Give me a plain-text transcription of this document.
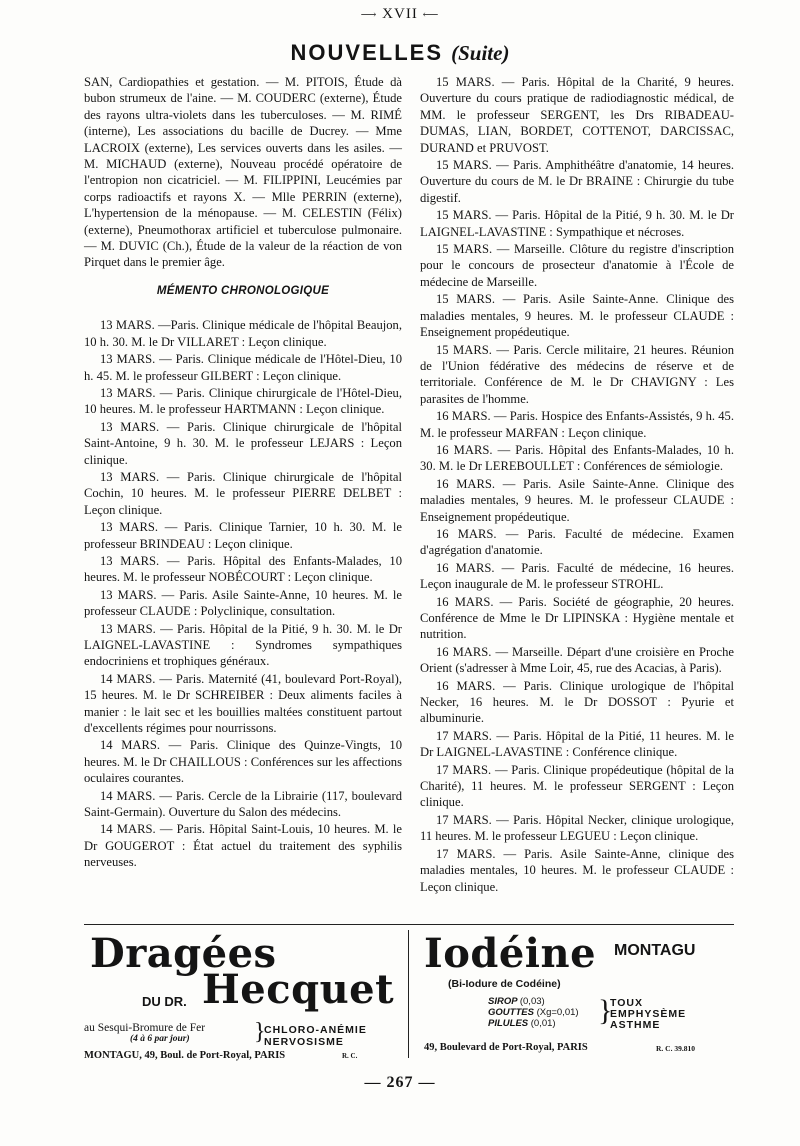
⟶ XVII ⟵
NOUVELLES (Suite)

SAN, Cardiopathies et gestation. — M. PITOIS, Étude dà bubon strumeux de l'aine. — M. COUDERC (externe), Étude des rayons ultra-violets dans les tuberculoses. — M. RIMÉ (interne), Les associations du bacille de Ducrey. — Mme LACROIX (externe), Les services ouverts dans les asiles. — M. MICHAUD (externe), Nouveau procédé opératoire de l'entropion non cicatriciel. — M. FILIPPINI, Leucémies par corps radioactifs et rayons X. — Mlle PERRIN (externe), L'hypertension de la ménopause. — M. CELESTIN (Félix) (externe), Pneumothorax artificiel et tuberculose pulmonaire. — M. DUVIC (Ch.), Étude de la valeur de la réaction de von Pirquet dans le premier âge.

MÉMENTO CHRONOLOGIQUE

13 MARS. —Paris. Clinique médicale de l'hôpital Beaujon, 10 h. 30. M. le Dr VILLARET : Leçon clinique.

13 MARS. — Paris. Clinique médicale de l'Hôtel-Dieu, 10 h. 45. M. le professeur GILBERT : Leçon clinique.

13 MARS. — Paris. Clinique chirurgicale de l'Hôtel-Dieu, 10 heures. M. le professeur HARTMANN : Leçon clinique.

13 MARS. — Paris. Clinique chirurgicale de l'hôpital Saint-Antoine, 9 h. 30. M. le professeur LEJARS : Leçon clinique.

13 MARS. — Paris. Clinique chirurgicale de l'hôpital Cochin, 10 heures. M. le professeur PIERRE DELBET : Leçon clinique.

13 MARS. — Paris. Clinique Tarnier, 10 h. 30. M. le professeur BRINDEAU : Leçon clinique.

13 MARS. — Paris. Hôpital des Enfants-Malades, 10 heures. M. le professeur NOBÉCOURT : Leçon clinique.

13 MARS. — Paris. Asile Sainte-Anne, 10 heures. M. le professeur CLAUDE : Polyclinique, consultation.

13 MARS. — Paris. Hôpital de la Pitié, 9 h. 30. M. le Dr LAIGNEL-LAVASTINE : Syndromes sympathiques endocriniens et trophiques généraux.

14 MARS. — Paris. Maternité (41, boulevard Port-Royal), 15 heures. M. le Dr SCHREIBER : Deux aliments faciles à manier : le lait sec et les bouillies maltées constituent partout d'excellents régimes pour nourrissons.

14 MARS. — Paris. Clinique des Quinze-Vingts, 10 heures. M. le Dr CHAILLOUS : Conférences sur les affections oculaires courantes.

14 MARS. — Paris. Cercle de la Librairie (117, boulevard Saint-Germain). Ouverture du Salon des médecins.

14 MARS. — Paris. Hôpital Saint-Louis, 10 heures. M. le Dr GOUGEROT : État actuel du traitement des syphilis nerveuses.

15 MARS. — Paris. Hôpital de la Charité, 9 heures. Ouverture du cours pratique de radiodiagnostic médical, de MM. le professeur SERGENT, les Drs RIBADEAU-DUMAS, LIAN, BORDET, COTTENOT, DARCISSAC, DURAND et PRUVOST.

15 MARS. — Paris. Amphithéâtre d'anatomie, 14 heures. Ouverture du cours de M. le Dr BRAINE : Chirurgie du tube digestif.

15 MARS. — Paris. Hôpital de la Pitié, 9 h. 30. M. le Dr LAIGNEL-LAVASTINE : Sympathique et nécroses.

15 MARS. — Marseille. Clôture du registre d'inscription pour le concours de prosecteur d'anatomie à l'École de médecine de Marseille.

15 MARS. — Paris. Asile Sainte-Anne. Clinique des maladies mentales, 9 heures. M. le professeur CLAUDE : Enseignement propédeutique.

15 MARS. — Paris. Cercle militaire, 21 heures. Réunion de l'Union fédérative des médecins de réserve et de territoriale. Conférence de M. le Dr CHAVIGNY : Les parasites de l'homme.

16 MARS. — Paris. Hospice des Enfants-Assistés, 9 h. 45. M. le professeur MARFAN : Leçon clinique.

16 MARS. — Paris. Hôpital des Enfants-Malades, 10 h. 30. M. le Dr LEREBOULLET : Conférences de sémiologie.

16 MARS. — Paris. Asile Sainte-Anne. Clinique des maladies mentales, 9 heures. M. le professeur CLAUDE : Enseignement propédeutique.

16 MARS. — Paris. Faculté de médecine. Examen d'agrégation d'anatomie.

16 MARS. — Paris. Faculté de médecine, 16 heures. Leçon inaugurale de M. le professeur STROHL.

16 MARS. — Paris. Société de géographie, 20 heures. Conférence de Mme le Dr LIPINSKA : Hygiène mentale et nutrition.

16 MARS. — Marseille. Départ d'une croisière en Proche Orient (s'adresser à Mme Loir, 45, rue des Acacias, à Paris).

16 MARS. — Paris. Clinique urologique de l'hôpital Necker, 16 heures. M. le Dr DOSSOT : Pyurie et albuminurie.

17 MARS. — Paris. Hôpital de la Pitié, 11 heures. M. le Dr LAIGNEL-LAVASTINE : Conférence clinique.

17 MARS. — Paris. Clinique propédeutique (hôpital de la Charité), 11 heures. M. le professeur SERGENT : Leçon clinique.

17 MARS. — Paris. Hôpital Necker, clinique urologique, 11 heures. M. le professeur LEGUEU : Leçon clinique.

17 MARS. — Paris. Asile Sainte-Anne, clinique des maladies mentales, 10 heures. M. le professeur CLAUDE : Leçon clinique.

Dragées
DU DR. Hecquet
au Sesqui-Bromure de Fer
(4 à 6 par jour)	}
CHLORO-ANÉMIE
NERVOSISME
MONTAGU, 49, Boul. de Port-Royal, PARIS	R. C.
Iodéine MONTAGU
(Bi-Iodure de Codéine)
SIROP (0,03)
GOUTTES (Xg=0,01)
PILULES (0,01)	}
TOUX
EMPHYSÈME
ASTHME
49, Boulevard de Port-Royal, PARIS	R. C. 39.810
— 267 —
